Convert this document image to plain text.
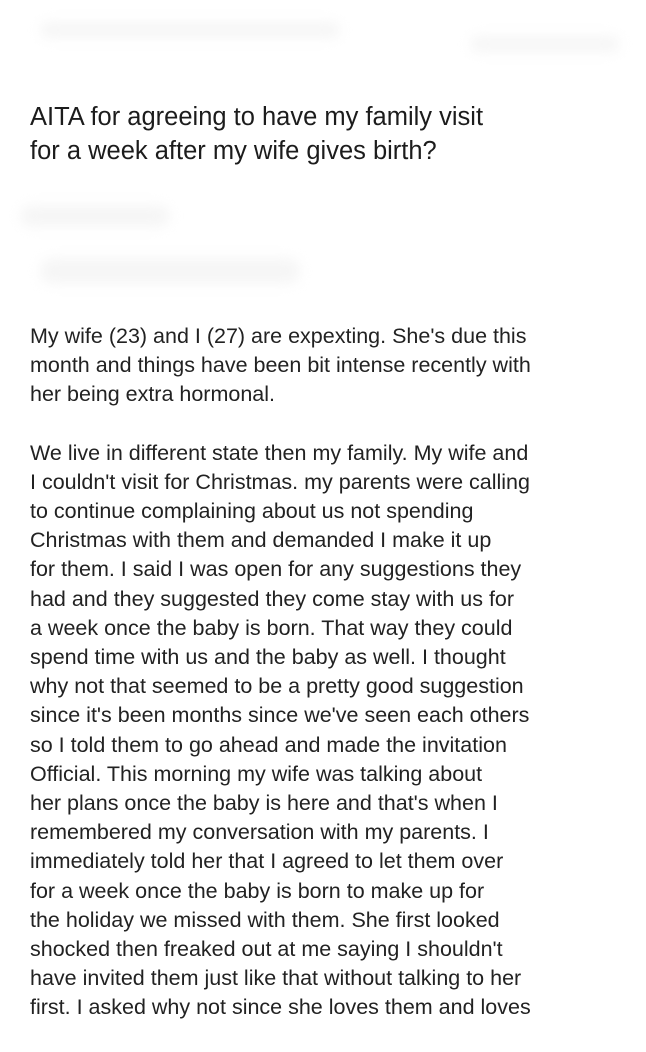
AITA for agreeing to have my family visit
for a week after my wife gives birth?

My wife (23) and I (27) are expexting. She's due this
month and things have been bit intense recently with
her being extra hormonal.

We live in different state then my family. My wife and
I couldn't visit for Christmas. my parents were calling
to continue complaining about us not spending
Christmas with them and demanded I make it up
for them. I said I was open for any suggestions they
had and they suggested they come stay with us for
a week once the baby is born. That way they could
spend time with us and the baby as well. I thought
why not that seemed to be a pretty good suggestion
since it's been months since we've seen each others
so I told them to go ahead and made the invitation
Official. This morning my wife was talking about
her plans once the baby is here and that's when I
remembered my conversation with my parents. I
immediately told her that I agreed to let them over
for a week once the baby is born to make up for
the holiday we missed with them. She first looked
shocked then freaked out at me saying I shouldn't
have invited them just like that without talking to her
first. I asked why not since she loves them and loves
